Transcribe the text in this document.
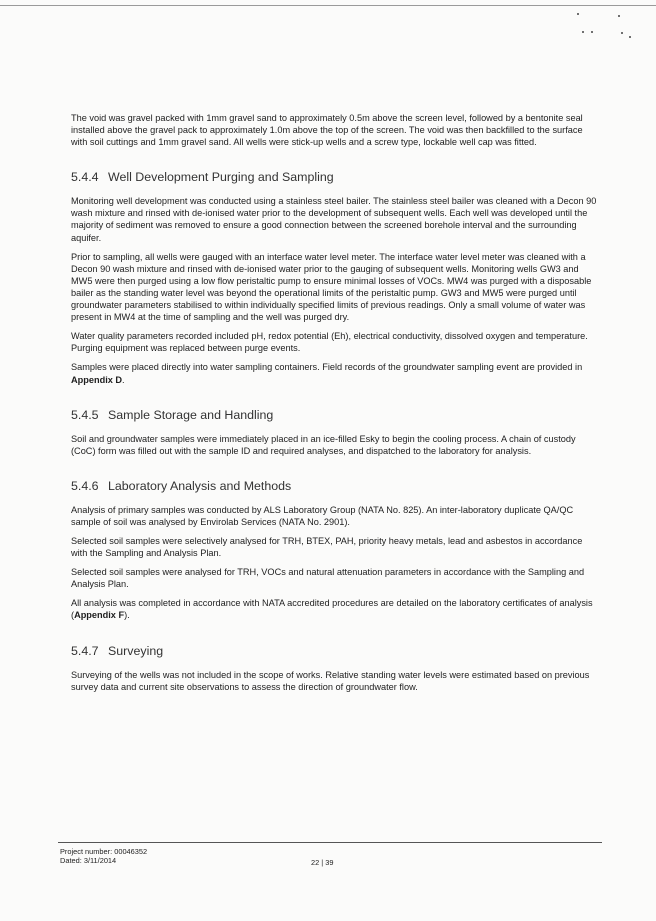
The void was gravel packed with 1mm gravel sand to approximately 0.5m above the screen level, followed by a bentonite seal installed above the gravel pack to approximately 1.0m above the top of the screen. The void was then backfilled to the surface with soil cuttings and 1mm gravel sand. All wells were stick-up wells and a screw type, lockable well cap was fitted.

5.4.4 Well Development Purging and Sampling

Monitoring well development was conducted using a stainless steel bailer. The stainless steel bailer was cleaned with a Decon 90 wash mixture and rinsed with de-ionised water prior to the development of subsequent wells. Each well was developed until the majority of sediment was removed to ensure a good connection between the screened borehole interval and the surrounding aquifer.

Prior to sampling, all wells were gauged with an interface water level meter. The interface water level meter was cleaned with a Decon 90 wash mixture and rinsed with de-ionised water prior to the gauging of subsequent wells. Monitoring wells GW3 and MW5 were then purged using a low flow peristaltic pump to ensure minimal losses of VOCs. MW4 was purged with a disposable bailer as the standing water level was beyond the operational limits of the peristaltic pump. GW3 and MW5 were purged until groundwater parameters stabilised to within individually specified limits of previous readings. Only a small volume of water was present in MW4 at the time of sampling and the well was purged dry.

Water quality parameters recorded included pH, redox potential (Eh), electrical conductivity, dissolved oxygen and temperature. Purging equipment was replaced between purge events.

Samples were placed directly into water sampling containers. Field records of the groundwater sampling event are provided in Appendix D.

5.4.5 Sample Storage and Handling

Soil and groundwater samples were immediately placed in an ice-filled Esky to begin the cooling process. A chain of custody (CoC) form was filled out with the sample ID and required analyses, and dispatched to the laboratory for analysis.

5.4.6 Laboratory Analysis and Methods

Analysis of primary samples was conducted by ALS Laboratory Group (NATA No. 825). An inter-laboratory duplicate QA/QC sample of soil was analysed by Envirolab Services (NATA No. 2901).

Selected soil samples were selectively analysed for TRH, BTEX, PAH, priority heavy metals, lead and asbestos in accordance with the Sampling and Analysis Plan.

Selected soil samples were analysed for TRH, VOCs and natural attenuation parameters in accordance with the Sampling and Analysis Plan.

All analysis was completed in accordance with NATA accredited procedures are detailed on the laboratory certificates of analysis (Appendix F).

5.4.7 Surveying

Surveying of the wells was not included in the scope of works. Relative standing water levels were estimated based on previous survey data and current site observations to assess the direction of groundwater flow.

Project number: 00046352
Dated: 3/11/2014	22 | 39
